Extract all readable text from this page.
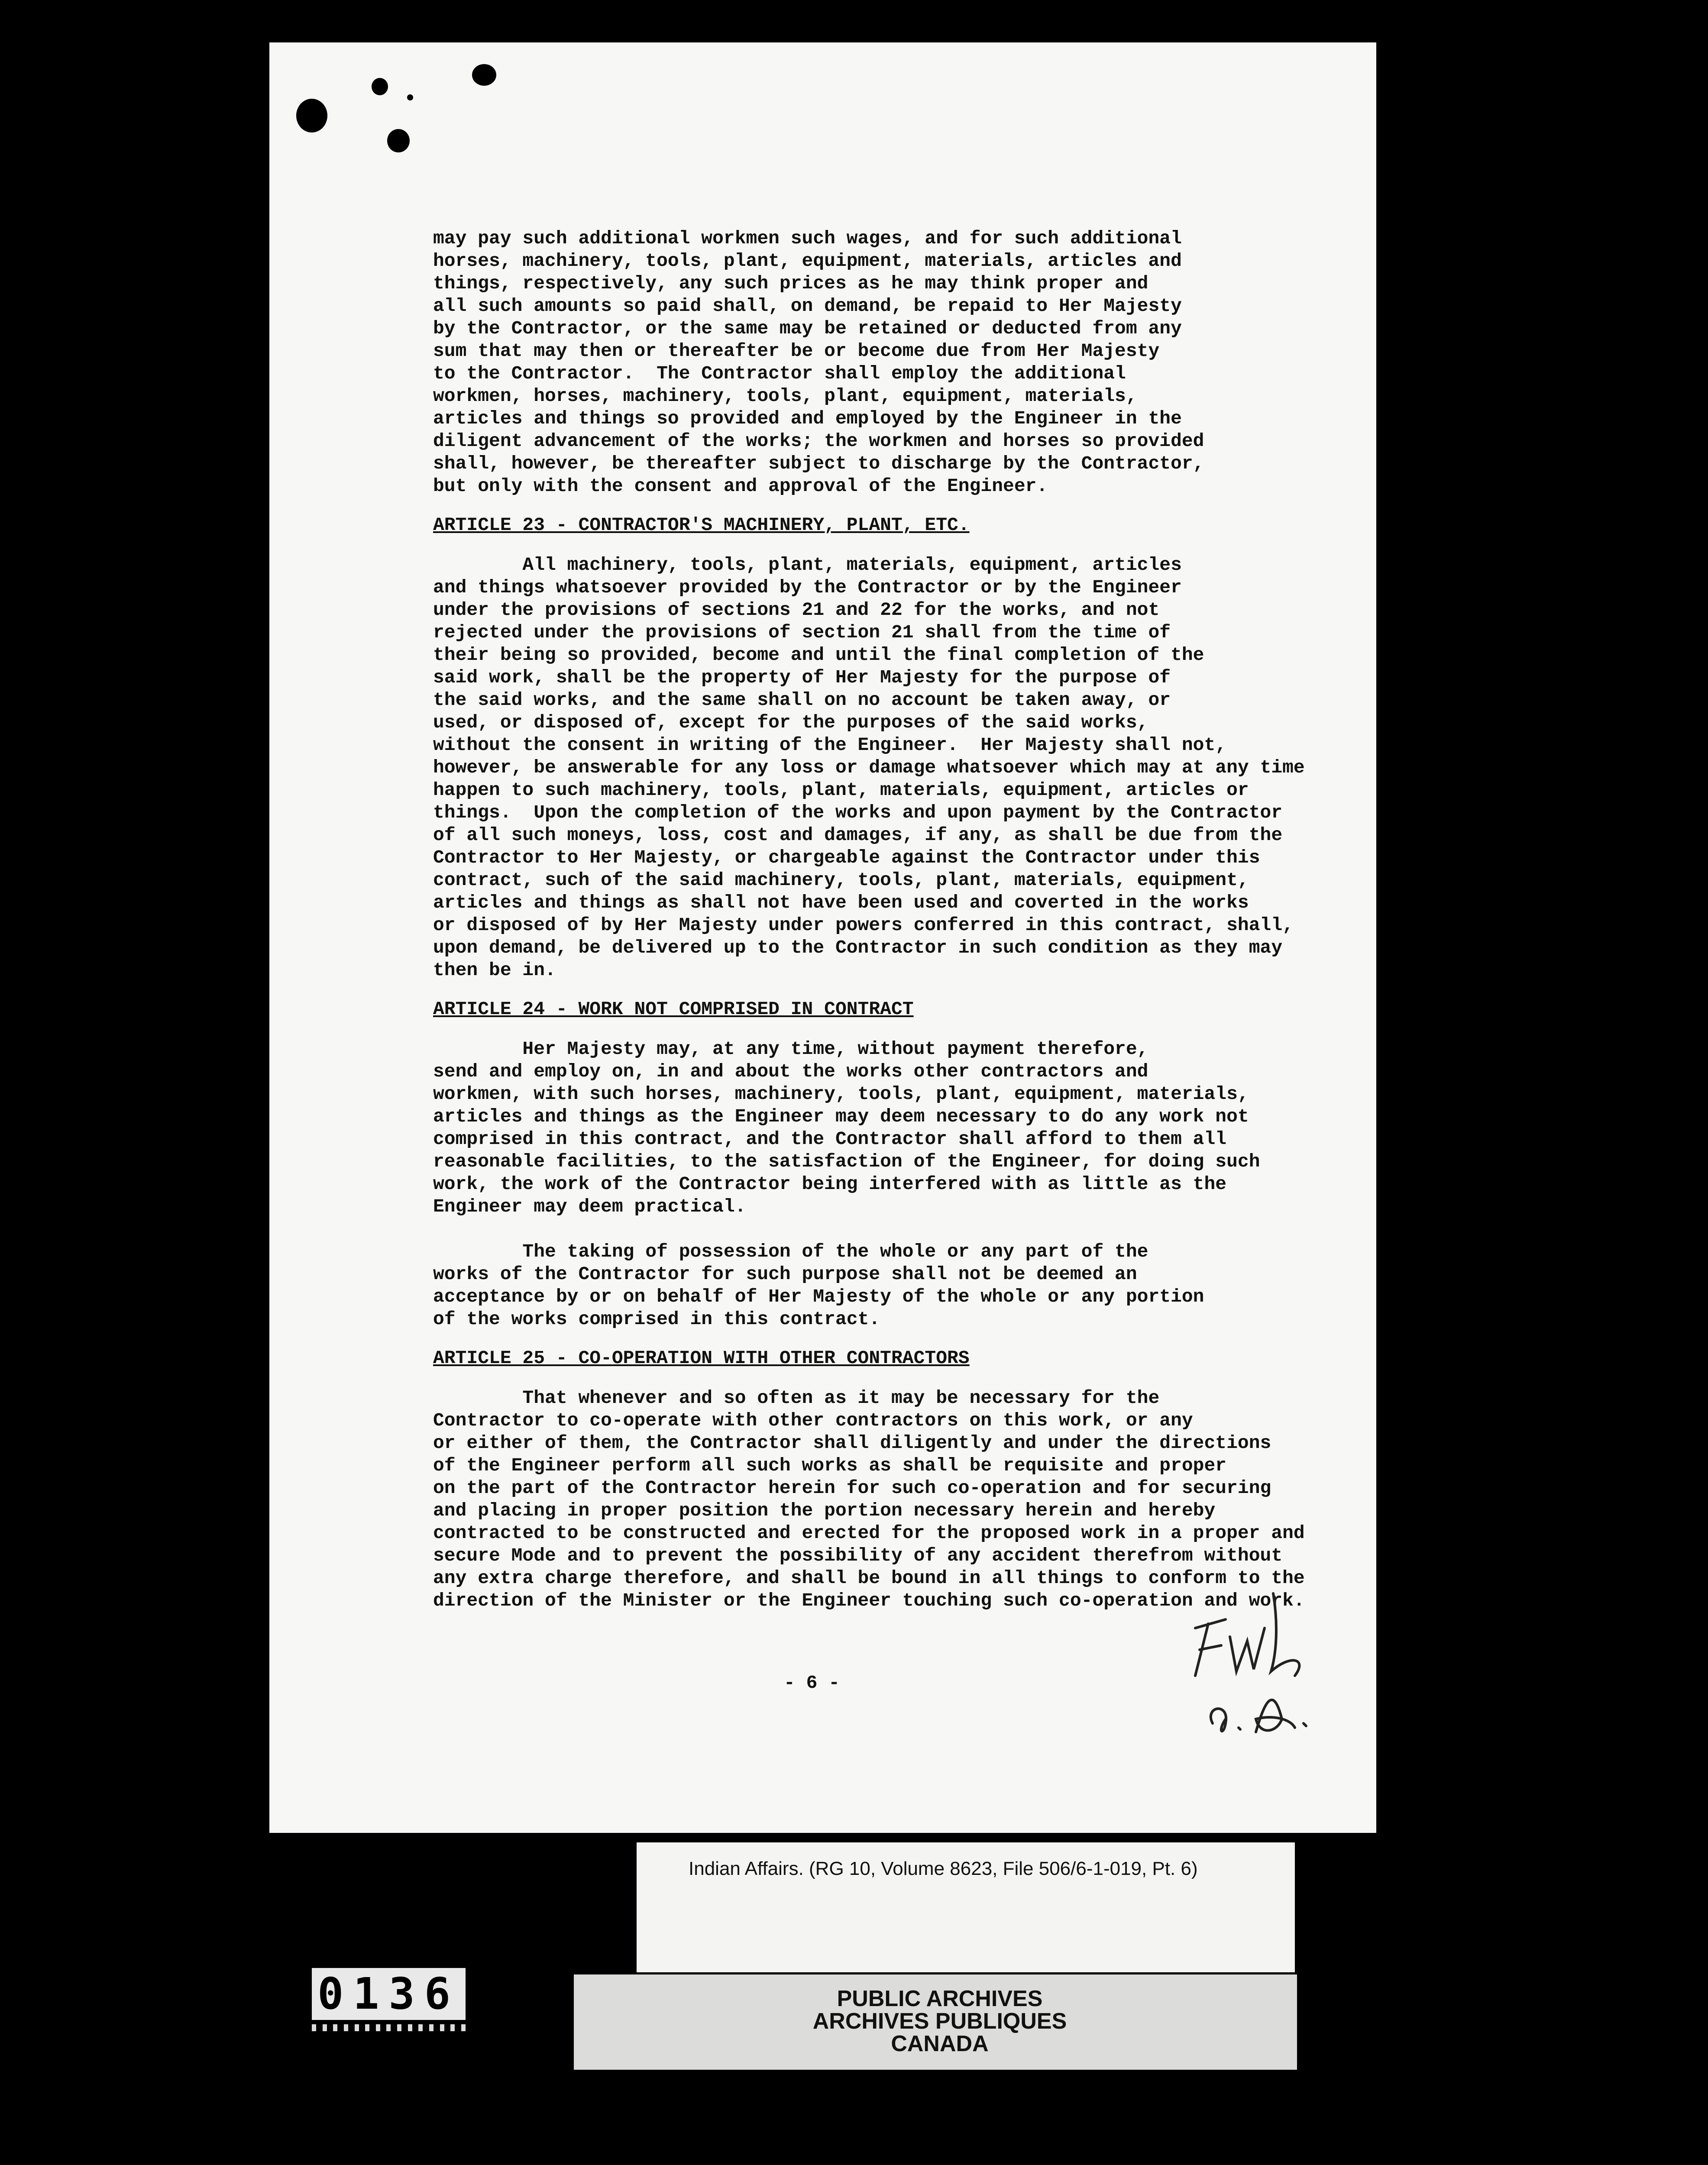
may pay such additional workmen such wages, and for such additional

horses, machinery, tools, plant, equipment, materials, articles and

things, respectively, any such prices as he may think proper and

all such amounts so paid shall, on demand, be repaid to Her Majesty

by the Contractor, or the same may be retained or deducted from any

sum that may then or thereafter be or become due from Her Majesty

to the Contractor.  The Contractor shall employ the additional

workmen, horses, machinery, tools, plant, equipment, materials,

articles and things so provided and employed by the Engineer in the

diligent advancement of the works; the workmen and horses so provided

shall, however, be thereafter subject to discharge by the Contractor,

but only with the consent and approval of the Engineer.

ARTICLE 23 - CONTRACTOR'S MACHINERY, PLANT, ETC.

All machinery, tools, plant, materials, equipment, articles

and things whatsoever provided by the Contractor or by the Engineer

under the provisions of sections 21 and 22 for the works, and not

rejected under the provisions of section 21 shall from the time of

their being so provided, become and until the final completion of the

said work, shall be the property of Her Majesty for the purpose of

the said works, and the same shall on no account be taken away, or

used, or disposed of, except for the purposes of the said works,

without the consent in writing of the Engineer.  Her Majesty shall not,

however, be answerable for any loss or damage whatsoever which may at any time

happen to such machinery, tools, plant, materials, equipment, articles or

things.  Upon the completion of the works and upon payment by the Contractor

of all such moneys, loss, cost and damages, if any, as shall be due from the

Contractor to Her Majesty, or chargeable against the Contractor under this

contract, such of the said machinery, tools, plant, materials, equipment,

articles and things as shall not have been used and coverted in the works

or disposed of by Her Majesty under powers conferred in this contract, shall,

upon demand, be delivered up to the Contractor in such condition as they may

then be in.

ARTICLE 24 - WORK NOT COMPRISED IN CONTRACT

Her Majesty may, at any time, without payment therefore,

send and employ on, in and about the works other contractors and

workmen, with such horses, machinery, tools, plant, equipment, materials,

articles and things as the Engineer may deem necessary to do any work not

comprised in this contract, and the Contractor shall afford to them all

reasonable facilities, to the satisfaction of the Engineer, for doing such

work, the work of the Contractor being interfered with as little as the

Engineer may deem practical.

The taking of possession of the whole or any part of the

works of the Contractor for such purpose shall not be deemed an

acceptance by or on behalf of Her Majesty of the whole or any portion

of the works comprised in this contract.

ARTICLE 25 - CO-OPERATION WITH OTHER CONTRACTORS

That whenever and so often as it may be necessary for the

Contractor to co-operate with other contractors on this work, or any

or either of them, the Contractor shall diligently and under the directions

of the Engineer perform all such works as shall be requisite and proper

on the part of the Contractor herein for such co-operation and for securing

and placing in proper position the portion necessary herein and hereby

contracted to be constructed and erected for the proposed work in a proper and

secure Mode and to prevent the possibility of any accident therefrom without

any extra charge therefore, and shall be bound in all things to conform to the

direction of the Minister or the Engineer touching such co-operation and work.

- 6 -
Indian Affairs. (RG 10, Volume 8623, File 506/6-1-019, Pt. 6)
PUBLIC ARCHIVES
ARCHIVES PUBLIQUES
CANADA
0136
